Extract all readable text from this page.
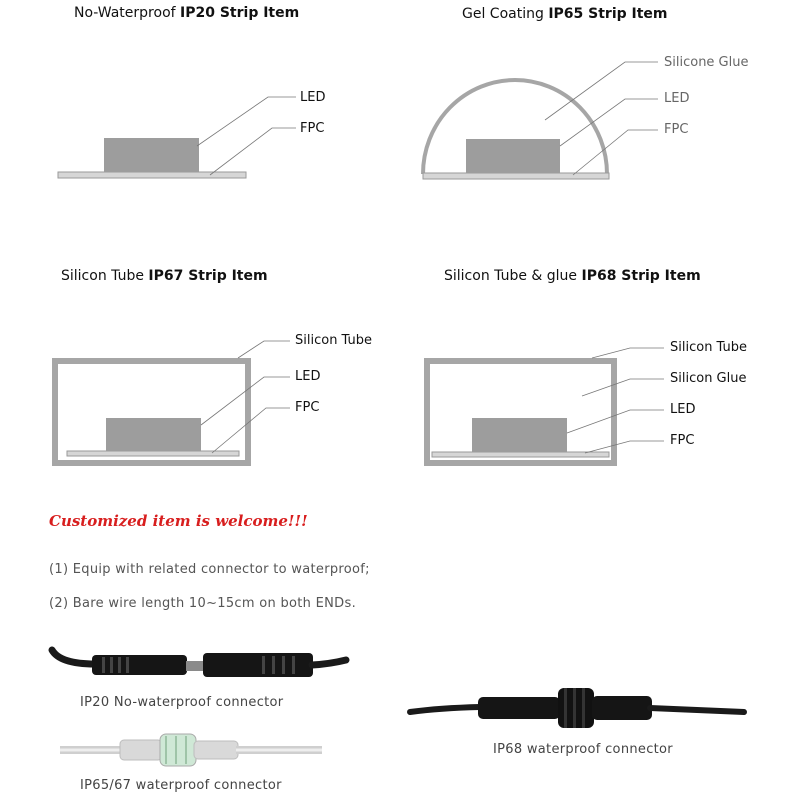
No-Waterproof IP20 Strip Item	Gel Coating IP65 Strip Item
Silicon Tube IP67 Strip Item	Silicon Tube & glue IP68 Strip Item
LED
FPC
Silicone Glue
LED
FPC
Silicon Tube
LED
FPC
Silicon Tube
Silicon Glue
LED
FPC
Customized item is welcome!!!
(1) Equip with related connector to waterproof;
(2) Bare wire length 10~15cm on both ENDs.
IP20 No-waterproof connector
IP65/67 waterproof connector
IP68 waterproof connector
